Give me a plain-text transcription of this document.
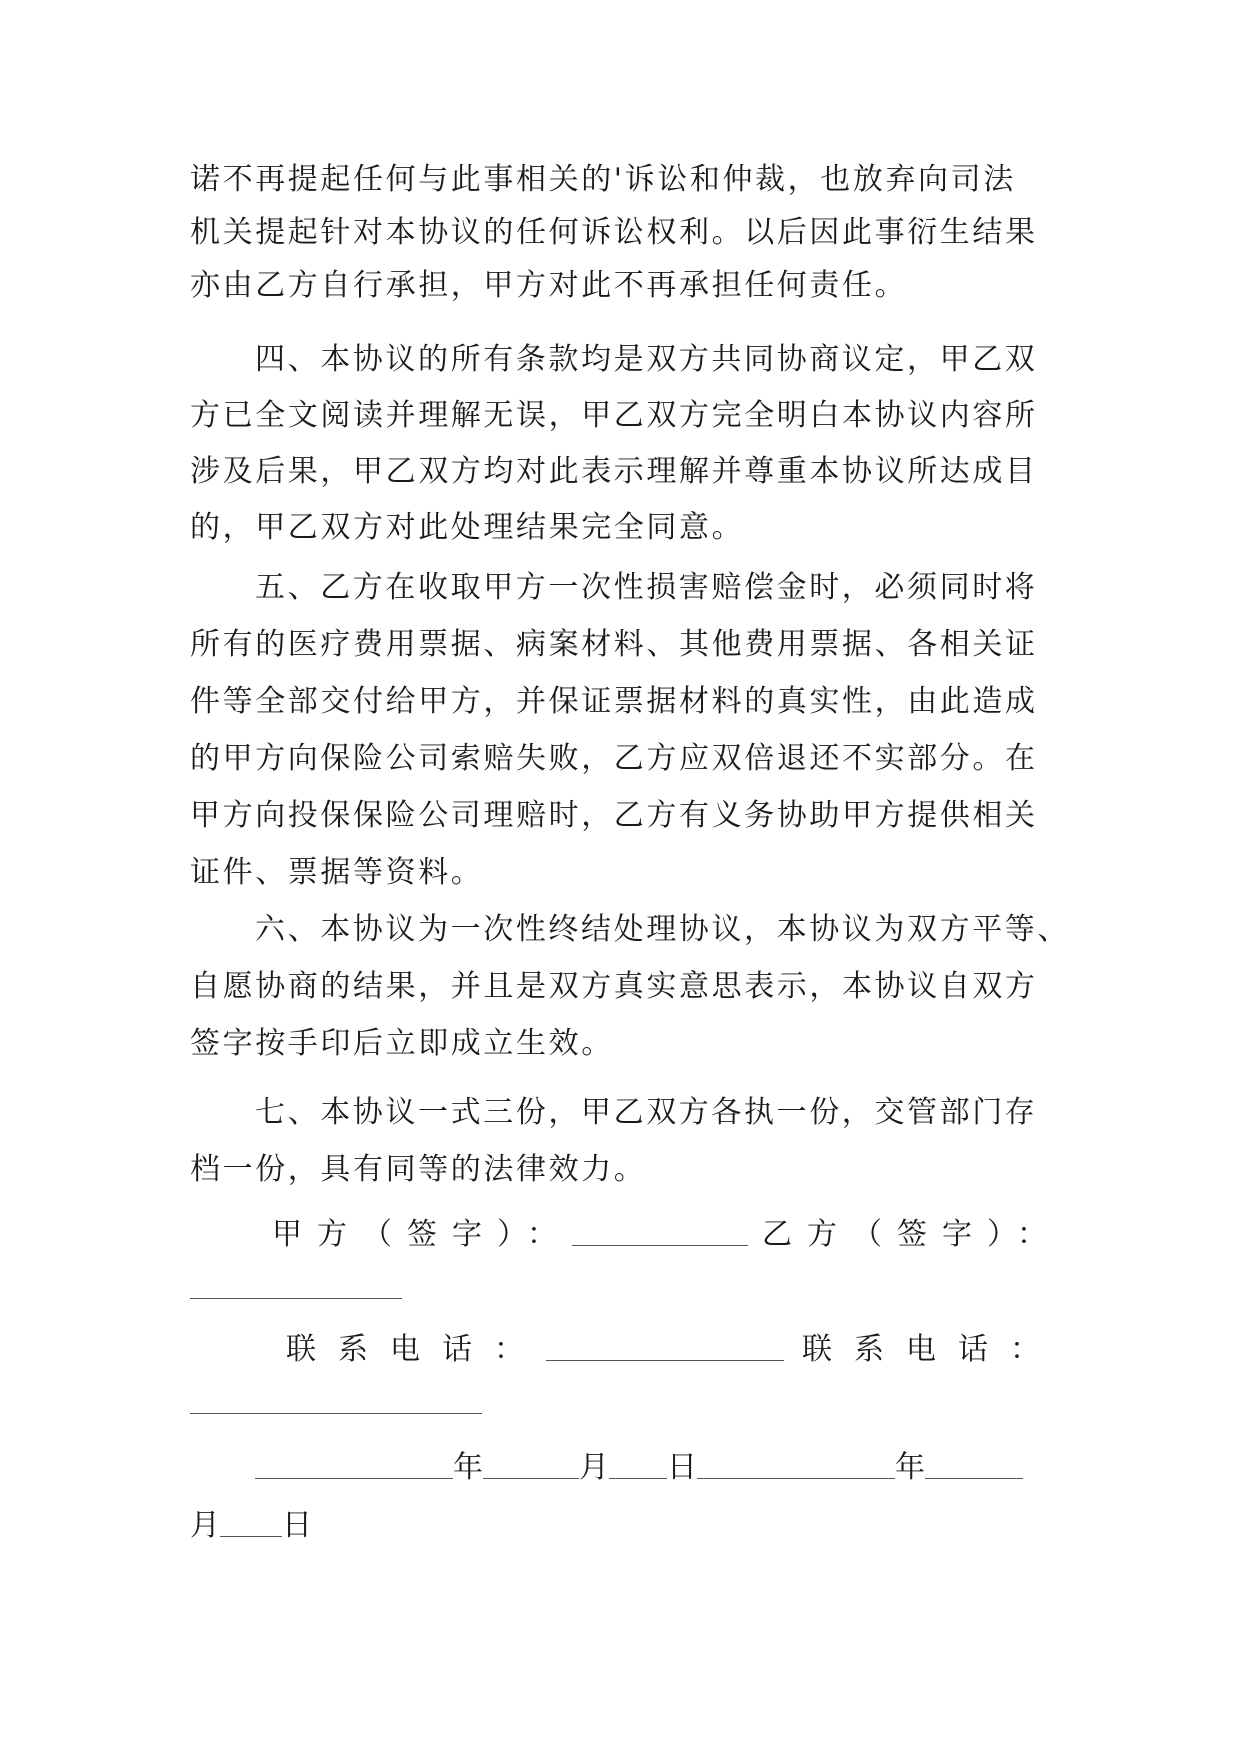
诺不再提起任何与此事相关的'诉讼和仲裁，也放弃向司法
机关提起针对本协议的任何诉讼权利。以后因此事衍生结果
亦由乙方自行承担，甲方对此不再承担任何责任。
四、本协议的所有条款均是双方共同协商议定，甲乙双
方已全文阅读并理解无误，甲乙双方完全明白本协议内容所
涉及后果，甲乙双方均对此表示理解并尊重本协议所达成目
的，甲乙双方对此处理结果完全同意。
五、乙方在收取甲方一次性损害赔偿金时，必须同时将
所有的医疗费用票据、病案材料、其他费用票据、各相关证
件等全部交付给甲方，并保证票据材料的真实性，由此造成
的甲方向保险公司索赔失败，乙方应双倍退还不实部分。在
甲方向投保保险公司理赔时，乙方有义务协助甲方提供相关
证件、票据等资料。
六、本协议为一次性终结处理协议，本协议为双方平等、
自愿协商的结果，并且是双方真实意思表示，本协议自双方
签字按手印后立即成立生效。
七、本协议一式三份，甲乙双方各执一份，交管部门存
档一份，具有同等的法律效力。
甲方（签字）：	乙方（签字）：
联系电话：	联系电话：
年	月 日	年
月 日
